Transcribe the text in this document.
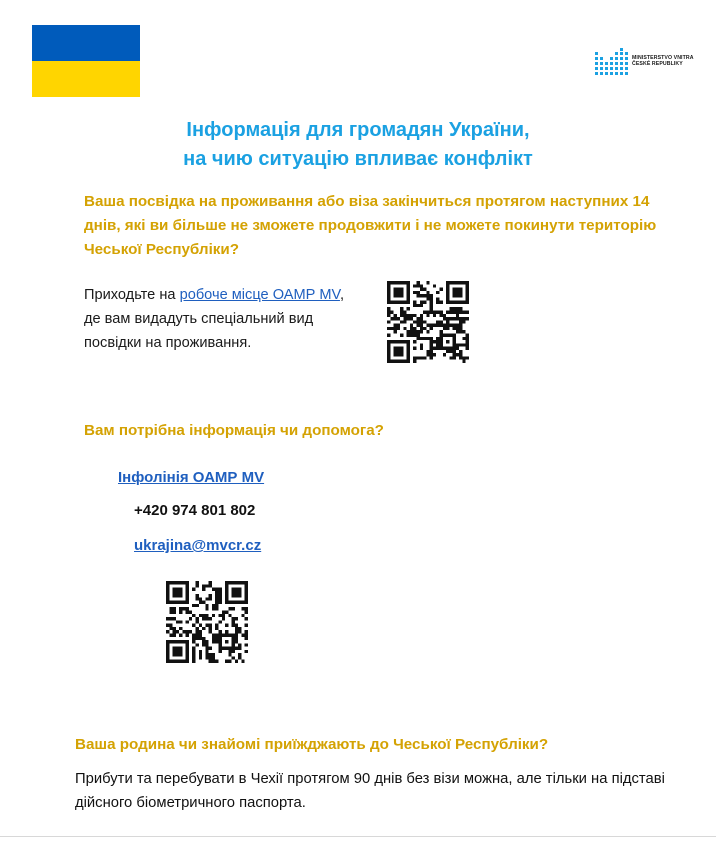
MINISTERSTVO VNITRA
ČESKÉ REPUBLIKY
Інформація для громадян України,
на чию ситуацію впливає конфлікт
Ваша посвідка на проживання або віза закінчиться протягом наступних 14 днів, які ви більше не зможете продовжити і не можете покинути територію Чеської Республіки?
Приходьте на робоче місце ОАМР MV, де вам видадуть спеціальний вид посвідки на проживання.
Вам потрібна інформація чи допомога?
Інфолінія ОАМР MV
+420 974 801 802
ukrajina@mvcr.cz
Ваша родина чи знайомі приїжджають до Чеської Республіки?
Прибути та перебувати в Чехії протягом 90 днів без візи можна, але тільки на підставі дійсного біометричного паспорта.
